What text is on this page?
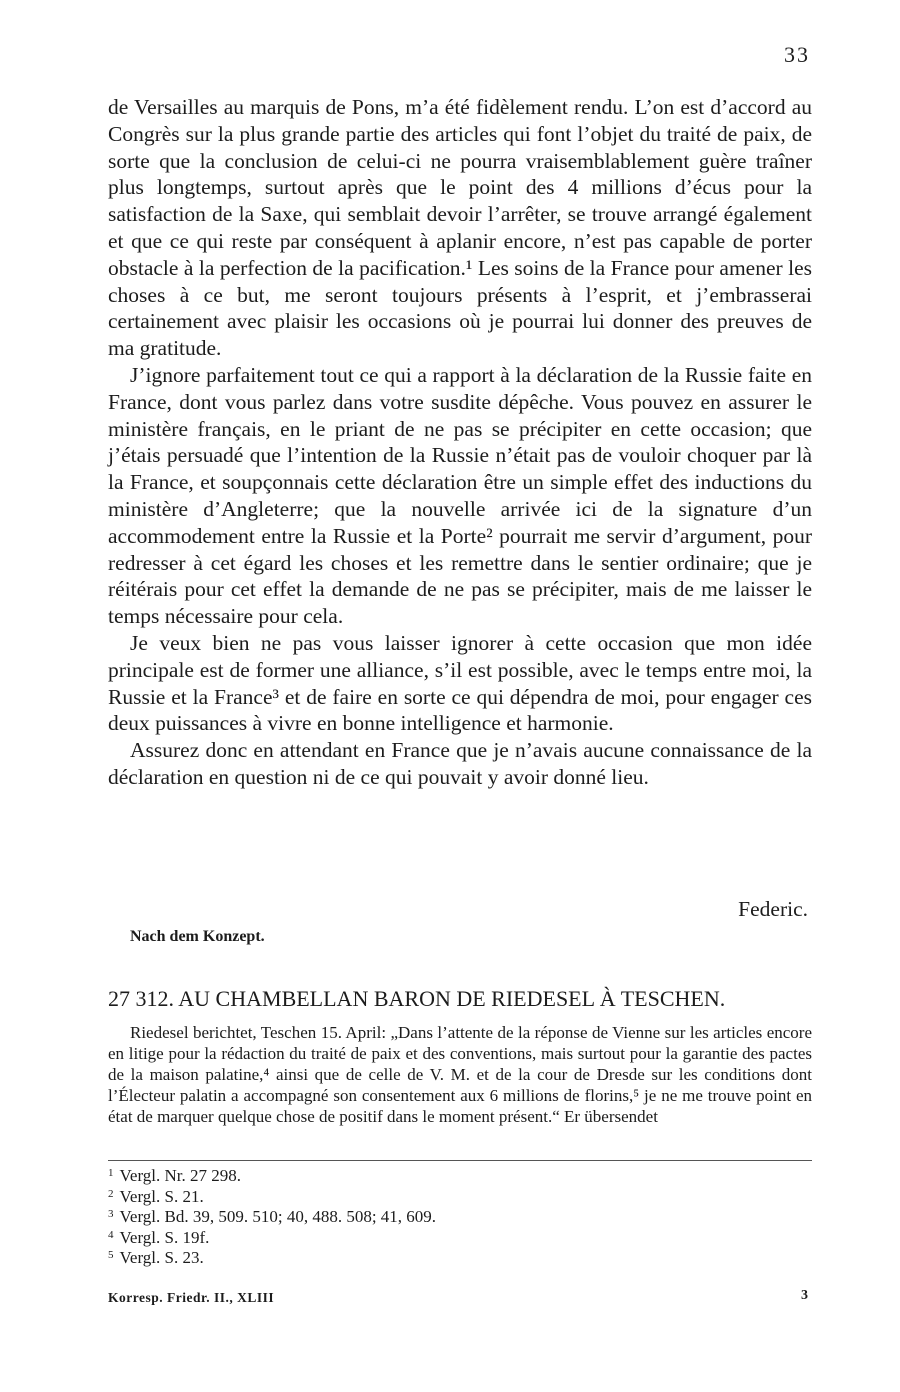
33

de Versailles au marquis de Pons, m’a été fidèlement rendu. L’on est d’accord au Congrès sur la plus grande partie des articles qui font l’objet du traité de paix, de sorte que la conclusion de celui-ci ne pourra vraisemblablement guère traîner plus longtemps, surtout après que le point des 4 millions d’écus pour la satisfaction de la Saxe, qui semblait devoir l’arrêter, se trouve arrangé également et que ce qui reste par conséquent à aplanir encore, n’est pas capable de porter obstacle à la perfection de la pacification.¹ Les soins de la France pour amener les choses à ce but, me seront toujours présents à l’esprit, et j’embrasserai certainement avec plaisir les occasions où je pourrai lui donner des preuves de ma gratitude.

J’ignore parfaitement tout ce qui a rapport à la déclaration de la Russie faite en France, dont vous parlez dans votre susdite dépêche. Vous pouvez en assurer le ministère français, en le priant de ne pas se précipiter en cette occasion; que j’étais persuadé que l’intention de la Russie n’était pas de vouloir choquer par là la France, et soupçonnais cette déclaration être un simple effet des inductions du ministère d’Angleterre; que la nouvelle arrivée ici de la signature d’un accommodement entre la Russie et la Porte² pourrait me servir d’argument, pour redresser à cet égard les choses et les remettre dans le sentier ordinaire; que je réitérais pour cet effet la demande de ne pas se précipiter, mais de me laisser le temps nécessaire pour cela.

Je veux bien ne pas vous laisser ignorer à cette occasion que mon idée principale est de former une alliance, s’il est possible, avec le temps entre moi, la Russie et la France³ et de faire en sorte ce qui dépendra de moi, pour engager ces deux puissances à vivre en bonne intelligence et harmonie.

Assurez donc en attendant en France que je n’avais aucune connaissance de la déclaration en question ni de ce qui pouvait y avoir donné lieu.

Federic.
Nach dem Konzept.
27 312. AU CHAMBELLAN BARON DE RIEDESEL À TESCHEN.

Riedesel berichtet, Teschen 15. April: „Dans l’attente de la réponse de Vienne sur les articles encore en litige pour la rédaction du traité de paix et des conventions, mais surtout pour la garantie des pactes de la maison palatine,⁴ ainsi que de celle de V. M. et de la cour de Dresde sur les conditions dont l’Électeur palatin a accompagné son consentement aux 6 millions de florins,⁵ je ne me trouve point en état de marquer quelque chose de positif dans le moment présent.“ Er übersendet

$^1$ Vergl. Nr. 27 298.
$^2$ Vergl. S. 21.
$^3$ Vergl. Bd. 39, 509. 510; 40, 488. 508; 41, 609.
$^4$ Vergl. S. 19f.
$^5$ Vergl. S. 23.
Korresp. Friedr. II., XLIII	3
